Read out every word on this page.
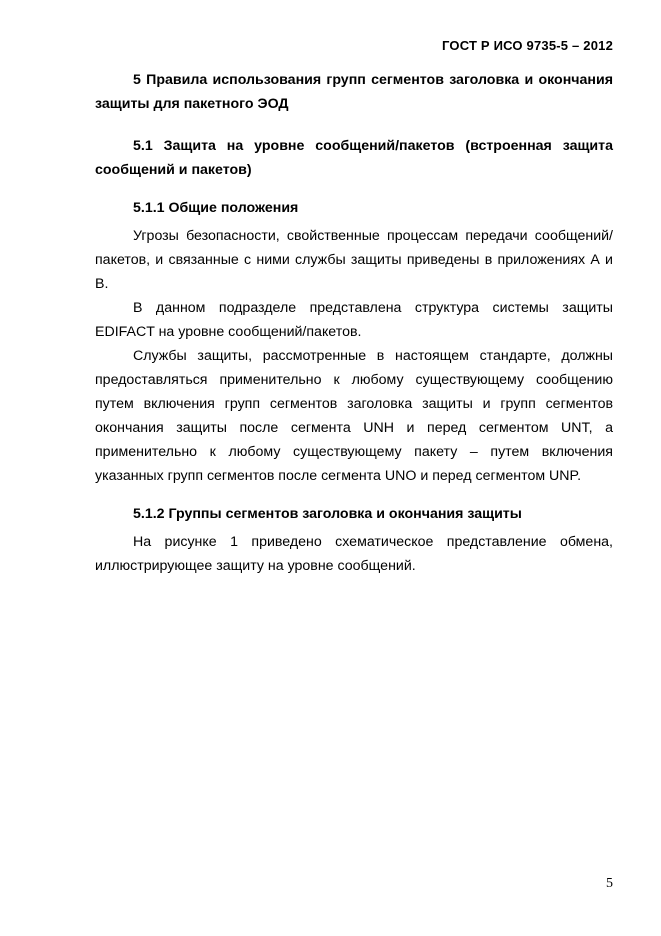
ГОСТ Р ИСО 9735-5 – 2012

5 Правила использования групп сегментов заголовка и окончания защиты для пакетного ЭОД

5.1 Защита на уровне сообщений/пакетов (встроенная защита сообщений и пакетов)

5.1.1 Общие положения

Угрозы безопасности, свойственные процессам передачи сообщений/пакетов, и связанные с ними службы защиты приведены в приложениях А и В.

В данном подразделе представлена структура системы защиты EDIFACT на уровне сообщений/пакетов.

Службы защиты, рассмотренные в настоящем стандарте, должны предоставляться применительно к любому существующему сообщению путем включения групп сегментов заголовка защиты и групп сегментов окончания защиты после сегмента UNH и перед сегментом UNT, а применительно к любому существующему пакету – путем включения указанных групп сегментов после сегмента UNO и перед сегментом UNP.

5.1.2 Группы сегментов заголовка и окончания защиты

На рисунке 1 приведено схематическое представление обмена, иллюстрирующее защиту на уровне сообщений.

5
